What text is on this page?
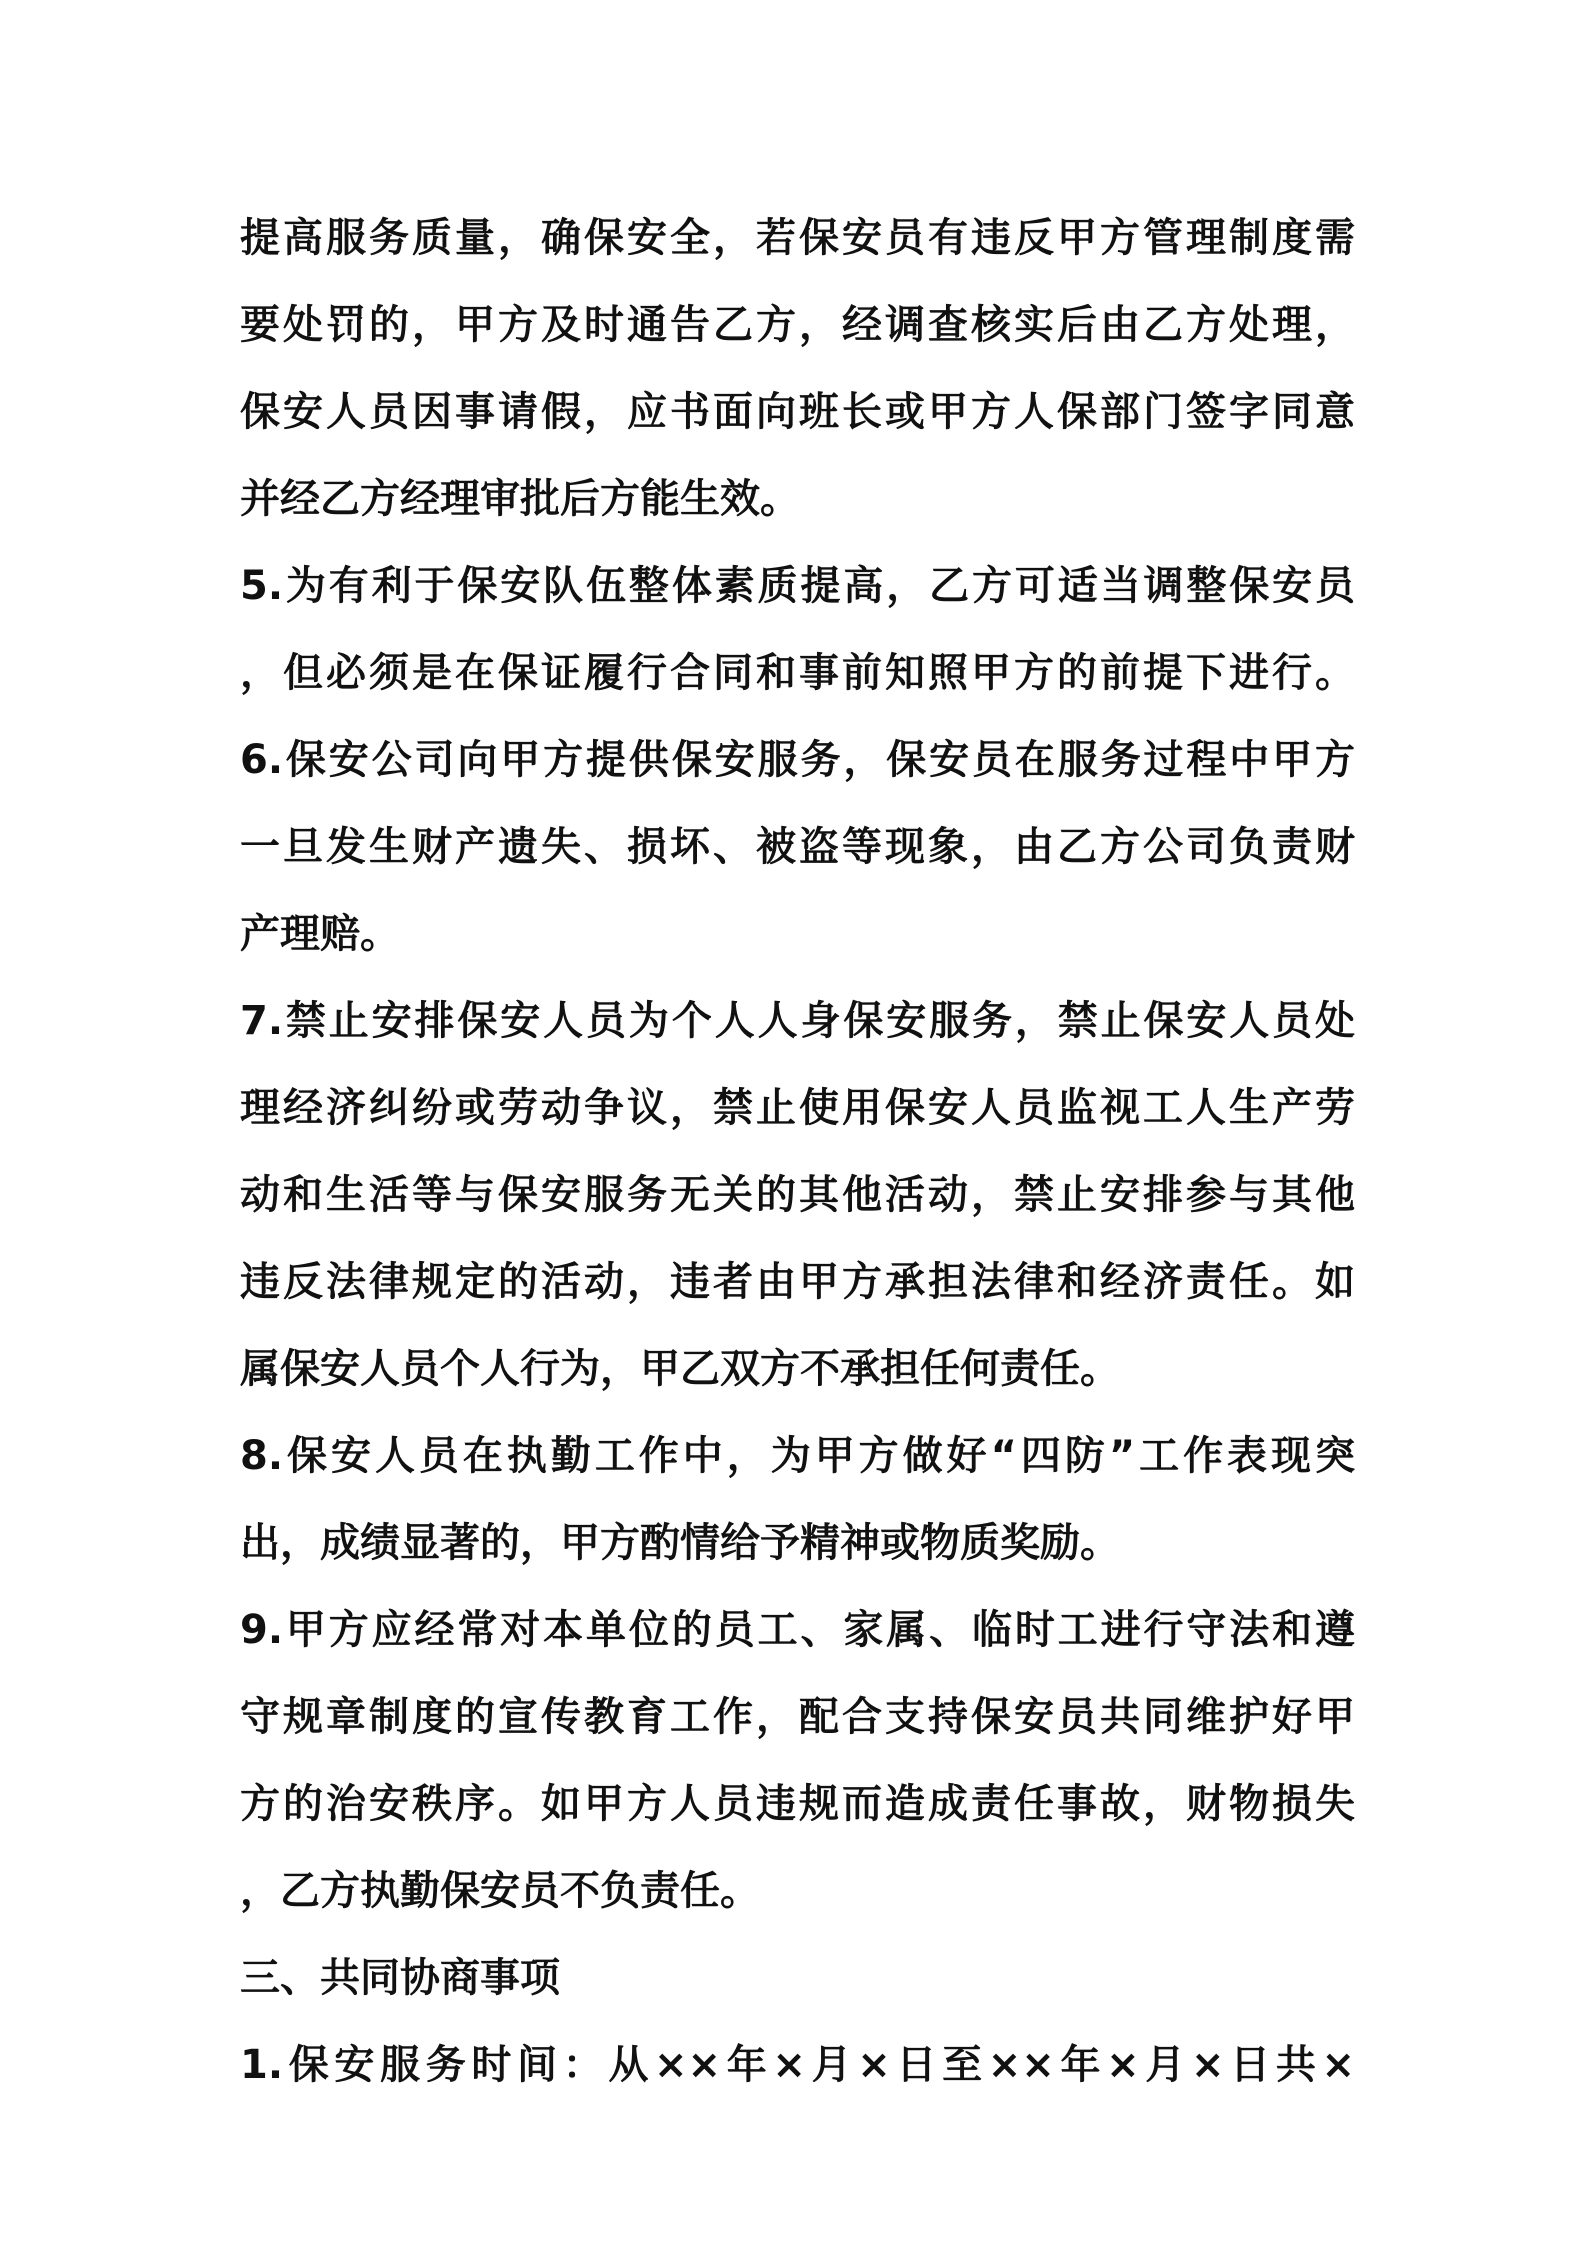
提高服务质量，确保安全，若保安员有违反甲方管理制度需
要处罚的，甲方及时通告乙方，经调查核实后由乙方处理，
保安人员因事请假，应书面向班长或甲方人保部门签字同意
并经乙方经理审批后方能生效。
5.为有利于保安队伍整体素质提高，乙方可适当调整保安员
，但必须是在保证履行合同和事前知照甲方的前提下进行。
6.保安公司向甲方提供保安服务，保安员在服务过程中甲方
一旦发生财产遗失、损坏、被盗等现象，由乙方公司负责财
产理赔。
7.禁止安排保安人员为个人人身保安服务，禁止保安人员处
理经济纠纷或劳动争议，禁止使用保安人员监视工人生产劳
动和生活等与保安服务无关的其他活动，禁止安排参与其他
违反法律规定的活动，违者由甲方承担法律和经济责任。如
属保安人员个人行为，甲乙双方不承担任何责任。
8.保安人员在执勤工作中，为甲方做好“四防”工作表现突
出，成绩显著的，甲方酌情给予精神或物质奖励。
9.甲方应经常对本单位的员工、家属、临时工进行守法和遵
守规章制度的宣传教育工作，配合支持保安员共同维护好甲
方的治安秩序。如甲方人员违规而造成责任事故，财物损失
，乙方执勤保安员不负责任。
三、共同协商事项
1.保安服务时间：从××年×月×日至××年×月×日共×
